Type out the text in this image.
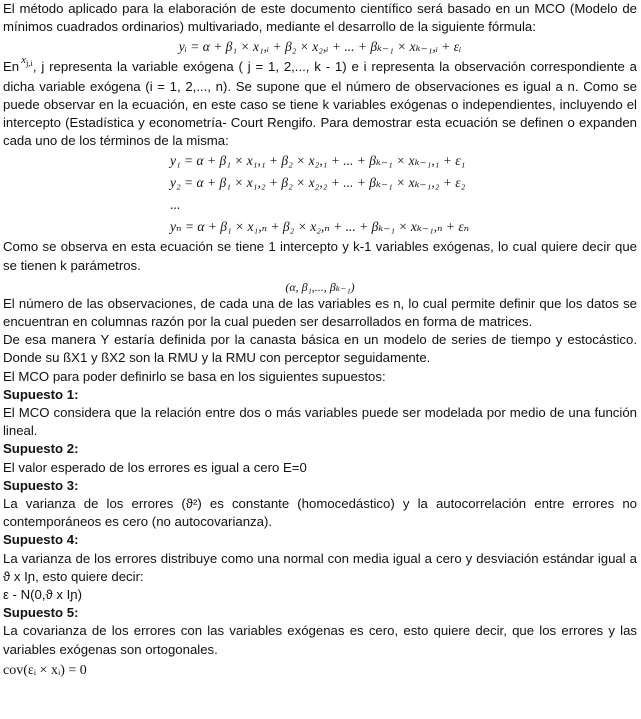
El método aplicado para la elaboración de este documento científico será basado en un MCO (Modelo de mínimos cuadrados ordinarios) multivariado, mediante el desarrollo de la siguiente fórmula:

yᵢ = α + β₁ × x₁,ᵢ + β₂ × x₂,ᵢ + ... + βₖ₋₁ × xₖ₋₁,ᵢ + εᵢ

En $^{x_{j,i}}$, j representa la variable exógena ( j = 1, 2,..., k - 1) e i representa la observación correspondiente a dicha variable exógena (i = 1, 2,..., n). Se supone que el número de observaciones es igual a n. Como se puede observar en la ecuación, en este caso se tiene k variables exógenas o independientes, incluyendo el intercepto (Estadística y econometría- Court Rengifo. Para demostrar esta ecuación se definen o expanden cada uno de los términos de la misma:

y₁ = α + β₁ × x₁,₁ + β₂ × x₂,₁ + ... + βₖ₋₁ × xₖ₋₁,₁ + ε₁

y₂ = α + β₁ × x₁,₂ + β₂ × x₂,₂ + ... + βₖ₋₁ × xₖ₋₁,₂ + ε₂

...

yₙ = α + β₁ × x₁,ₙ + β₂ × x₂,ₙ + ... + βₖ₋₁ × xₖ₋₁,ₙ + εₙ

Como se observa en esta ecuación se tiene 1 intercepto y k-1 variables exógenas, lo cual quiere decir que se tienen k parámetros.

(α, β₁,..., βₖ₋₁)

El número de las observaciones, de cada una de las variables es n, lo cual permite definir que los datos se encuentran en columnas razón por la cual pueden ser desarrollados en forma de matrices.

De esa manera Y estaría definida por la canasta básica en un modelo de series de tiempo y estocástico. Donde su ßX1 y ßX2 son la RMU y la RMU con perceptor seguidamente.

El MCO para poder definirlo se basa en los siguientes supuestos:

Supuesto 1:

El MCO considera que la relación entre dos o más variables puede ser modelada por medio de una función lineal.

Supuesto 2:

El valor esperado de los errores es igual a cero E=0

Supuesto 3:

La varianza de los errores (ϑ²) es constante (homocedástico) y la autocorrelación entre errores no contemporáneos es cero (no autocovarianza).

Supuesto 4:

La varianza de los errores distribuye como una normal con media igual a cero y desviación estándar igual a ϑ x Iɲ, esto quiere decir:

ε - N(0,ϑ x Iɲ)

Supuesto 5:

La covarianza de los errores con las variables exógenas es cero, esto quiere decir, que los errores y las variables exógenas son ortogonales.

cov(εᵢ × xᵢ) = 0
